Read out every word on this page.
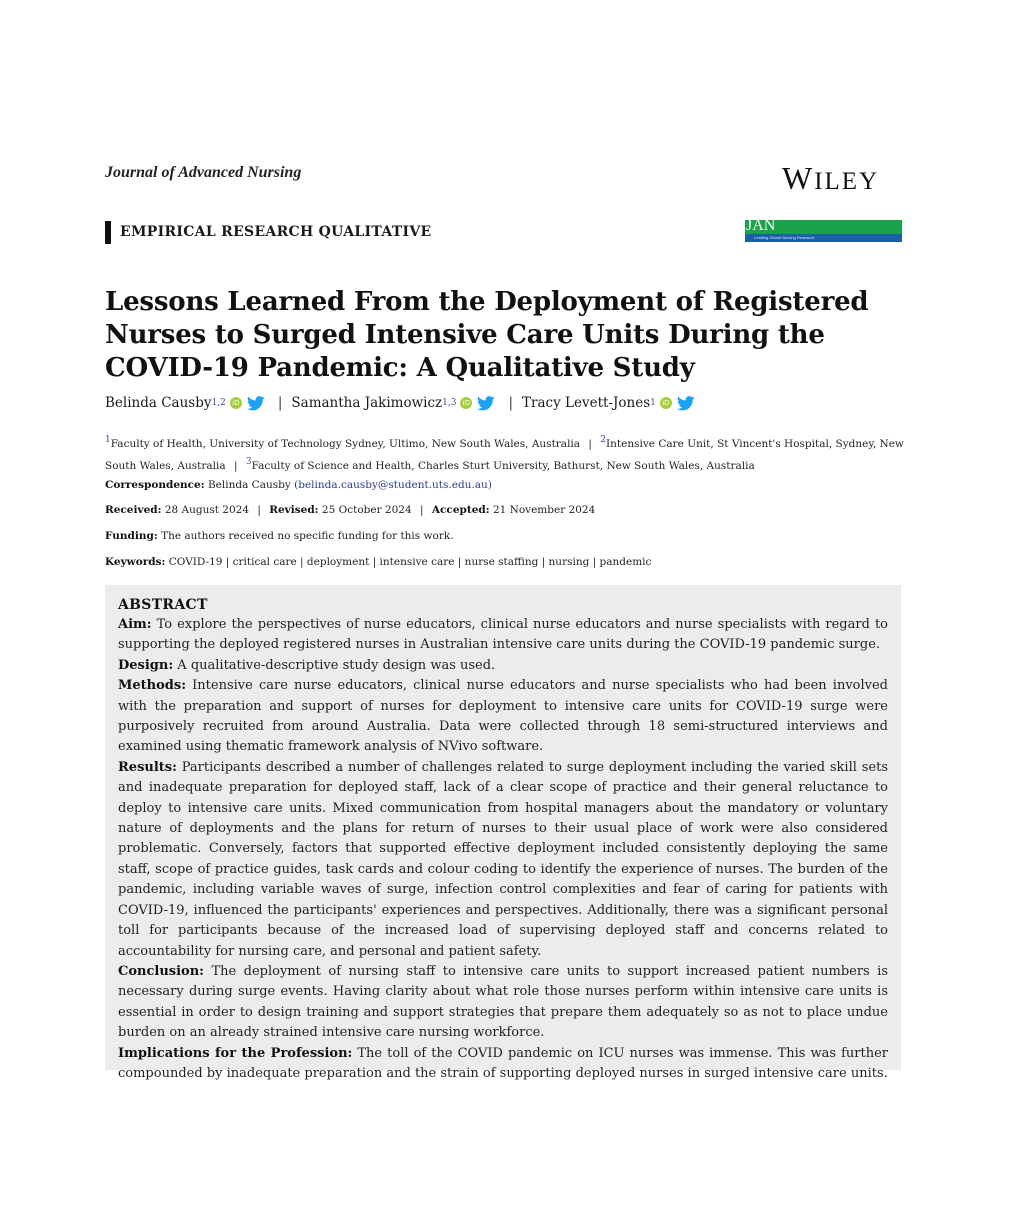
Journal of Advanced Nursing	WILEY
EMPIRICAL RESEARCH QUALITATIVE	JAN
Leading Global Nursing Research
Lessons Learned From the Deployment of Registered Nurses to Surged Intensive Care Units During the COVID-19 Pandemic: A Qualitative Study
Belinda Causby 1,2 iD	| Samantha Jakimowicz 1,3 iD	| Tracy Levett-Jones 1 iD
$^1$Faculty of Health, University of Technology Sydney, Ultimo, New South Wales, Australia | $^2$Intensive Care Unit, St Vincent's Hospital, Sydney, New South Wales, Australia | $^3$Faculty of Science and Health, Charles Sturt University, Bathurst, New South Wales, Australia
Correspondence: Belinda Causby (belinda.causby@student.uts.edu.au)
Received: 28 August 2024 | Revised: 25 October 2024 | Accepted: 21 November 2024
Funding: The authors received no specific funding for this work.
Keywords: COVID-19 | critical care | deployment | intensive care | nurse staffing | nursing | pandemic
ABSTRACT
Aim: To explore the perspectives of nurse educators, clinical nurse educators and nurse specialists with regard to supporting the deployed registered nurses in Australian intensive care units during the COVID-19 pandemic surge.
Design: A qualitative-descriptive study design was used.
Methods: Intensive care nurse educators, clinical nurse educators and nurse specialists who had been involved with the preparation and support of nurses for deployment to intensive care units for COVID-19 surge were purposively recruited from around Australia. Data were collected through 18 semi-structured interviews and examined using thematic framework analysis of NVivo software.
Results: Participants described a number of challenges related to surge deployment including the varied skill sets and inadequate preparation for deployed staff, lack of a clear scope of practice and their general reluctance to deploy to intensive care units. Mixed communication from hospital managers about the mandatory or voluntary nature of deployments and the plans for return of nurses to their usual place of work were also considered problematic. Conversely, factors that supported effective deployment included consistently deploying the same staff, scope of practice guides, task cards and colour coding to identify the experience of nurses. The burden of the pandemic, including variable waves of surge, infection control complexities and fear of caring for patients with COVID-19, influenced the participants' experiences and perspectives. Additionally, there was a significant personal toll for participants because of the increased load of supervising deployed staff and concerns related to accountability for nursing care, and personal and patient safety.
Conclusion: The deployment of nursing staff to intensive care units to support increased patient numbers is necessary during surge events. Having clarity about what role those nurses perform within intensive care units is essential in order to design training and support strategies that prepare them adequately so as not to place undue burden on an already strained intensive care nursing workforce.
Implications for the Profession: The toll of the COVID pandemic on ICU nurses was immense. This was further compounded by inadequate preparation and the strain of supporting deployed nurses in surged intensive care units.
